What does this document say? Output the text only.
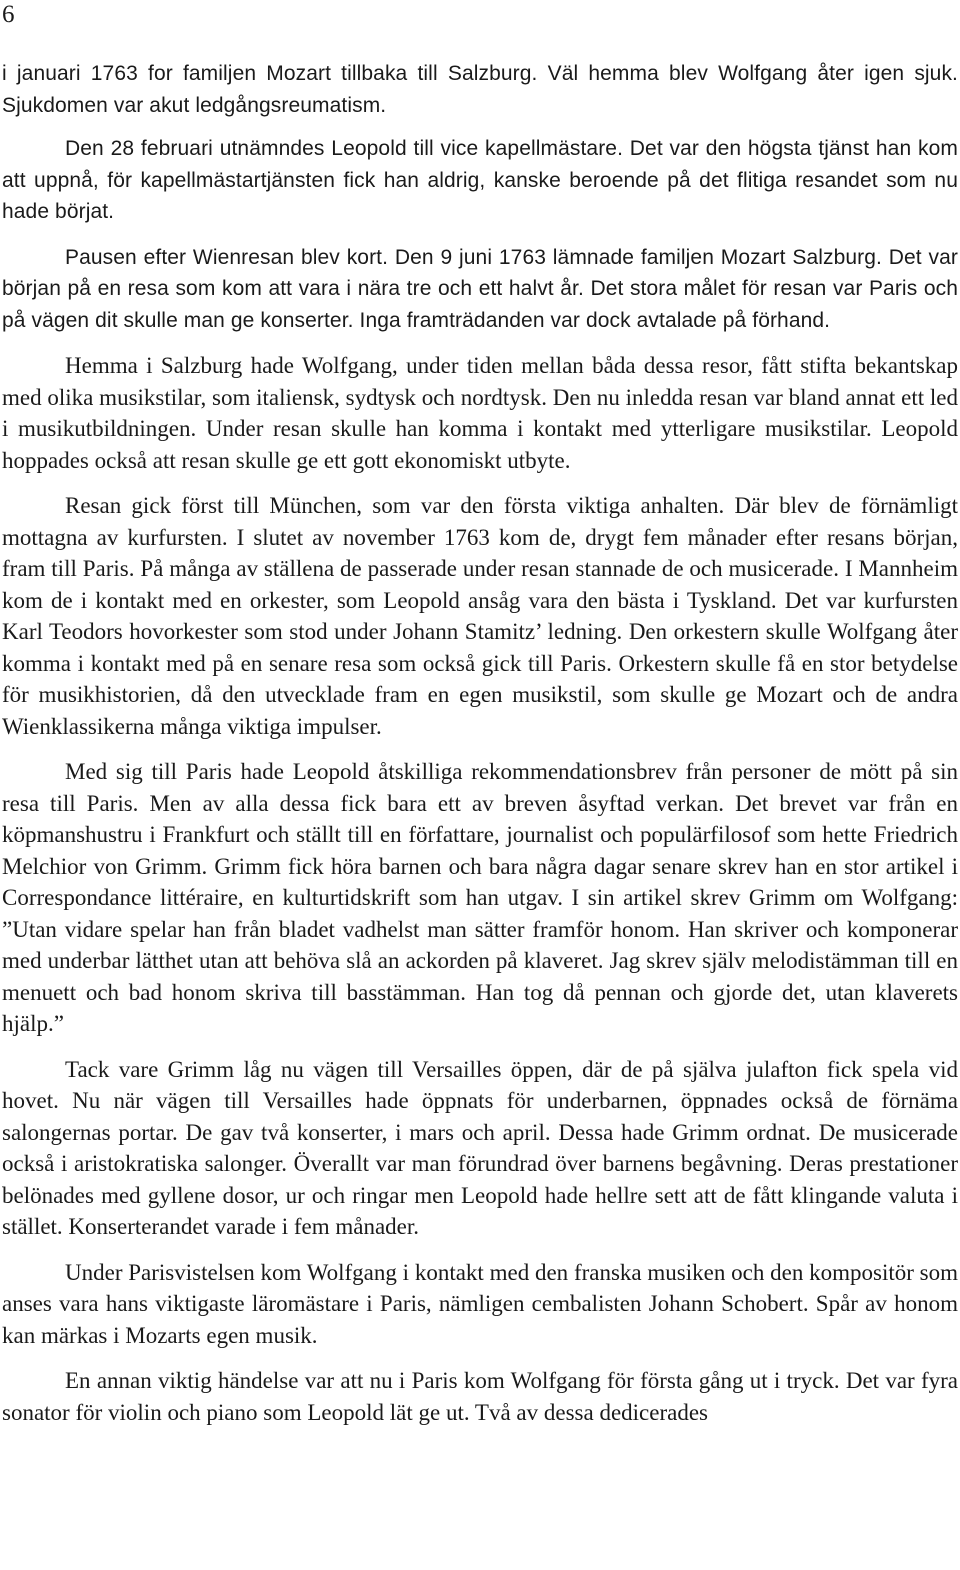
6

i januari 1763 for familjen Mozart tillbaka till Salzburg. Väl hemma blev Wolfgang åter igen sjuk. Sjukdomen var akut ledgångsreumatism.

Den 28 februari utnämndes Leopold till vice kapellmästare. Det var den högsta tjänst han kom att uppnå, för kapellmästartjänsten fick han aldrig, kanske beroende på det flitiga resandet som nu hade börjat.

Pausen efter Wienresan blev kort. Den 9 juni 1763 lämnade familjen Mozart Salzburg. Det var början på en resa som kom att vara i nära tre och ett halvt år. Det stora målet för resan var Paris och på vägen dit skulle man ge konserter. Inga framträdanden var dock avtalade på förhand.

Hemma i Salzburg hade Wolfgang, under tiden mellan båda dessa resor, fått stifta bekantskap med olika musikstilar, som italiensk, sydtysk och nordtysk. Den nu inledda resan var bland annat ett led i musikutbildningen. Under resan skulle han komma i kontakt med ytterligare musikstilar. Leopold hoppades också att resan skulle ge ett gott ekonomiskt utbyte.

Resan gick först till München, som var den första viktiga anhalten. Där blev de förnämligt mottagna av kurfursten. I slutet av november 1763 kom de, drygt fem månader efter resans början, fram till Paris. På många av ställena de passerade under resan stannade de och musicerade. I Mannheim kom de i kontakt med en orkester, som Leopold ansåg vara den bästa i Tyskland. Det var kurfursten Karl Teodors hovorkester som stod under Johann Stamitz’ ledning. Den orkestern skulle Wolfgang åter komma i kontakt med på en senare resa som också gick till Paris. Orkestern skulle få en stor betydelse för musikhistorien, då den utvecklade fram en egen musikstil, som skulle ge Mozart och de andra Wienklassikerna många viktiga impulser.

Med sig till Paris hade Leopold åtskilliga rekommendationsbrev från personer de mött på sin resa till Paris. Men av alla dessa fick bara ett av breven åsyftad verkan. Det brevet var från en köpmanshustru i Frankfurt och ställt till en författare, journalist och populärfilosof som hette Friedrich Melchior von Grimm. Grimm fick höra barnen och bara några dagar senare skrev han en stor artikel i Correspondance littéraire, en kulturtidskrift som han utgav. I sin artikel skrev Grimm om Wolfgang: ”Utan vidare spelar han från bladet vadhelst man sätter framför honom. Han skriver och komponerar med underbar lätthet utan att behöva slå an ackorden på klaveret. Jag skrev själv melodistämman till en menuett och bad honom skriva till basstämman. Han tog då pennan och gjorde det, utan klaverets hjälp.”

Tack vare Grimm låg nu vägen till Versailles öppen, där de på själva julafton fick spela vid hovet. Nu när vägen till Versailles hade öppnats för underbarnen, öppnades också de förnäma salongernas portar. De gav två konserter, i mars och april. Dessa hade Grimm ordnat. De musicerade också i aristokratiska salonger. Överallt var man förundrad över barnens begåvning. Deras prestationer belönades med gyllene dosor, ur och ringar men Leopold hade hellre sett att de fått klingande valuta i stället. Konserterandet varade i fem månader.

Under Parisvistelsen kom Wolfgang i kontakt med den franska musiken och den kompositör som anses vara hans viktigaste läromästare i Paris, nämligen cembalisten Johann Schobert. Spår av honom kan märkas i Mozarts egen musik.

En annan viktig händelse var att nu i Paris kom Wolfgang för första gång ut i tryck. Det var fyra sonator för violin och piano som Leopold lät ge ut. Två av dessa dedicerades
